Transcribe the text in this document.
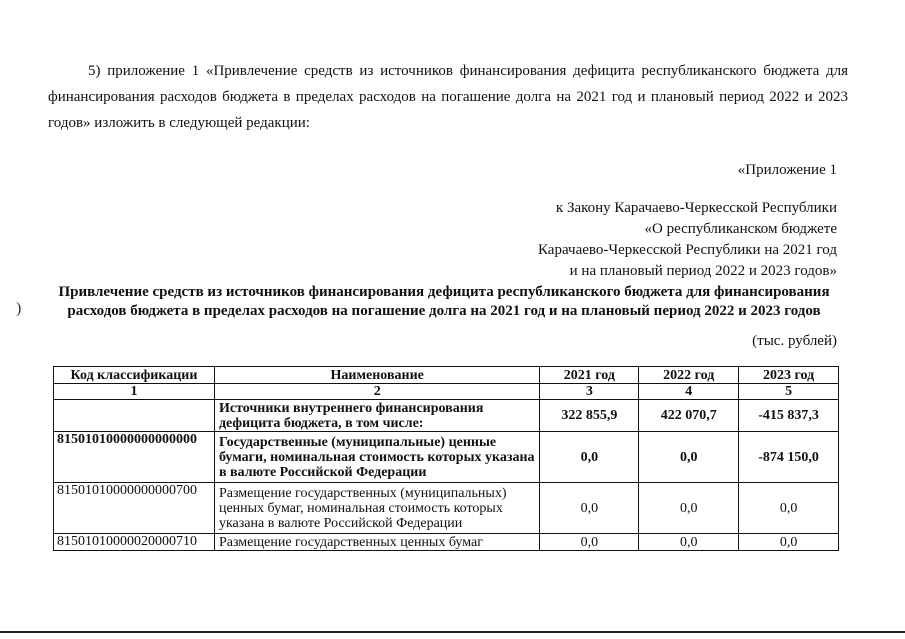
5) приложение 1 «Привлечение средств из источников финансирования дефицита республиканского бюджета для финансирования расходов бюджета в пределах расходов на погашение долга на 2021 год и плановый период 2022 и 2023 годов» изложить в следующей редакции:

«Приложение 1
к Закону Карачаево-Черкесской Республики
«О республиканском бюджете
Карачаево-Черкесской Республики на 2021 год
и на плановый период 2022 и 2023 годов»
)

Привлечение средств из источников финансирования дефицита республиканского бюджета для финансирования расходов бюджета в пределах расходов на погашение долга на 2021 год и на плановый период 2022 и 2023 годов

(тыс. рублей)
Код классификации	Наименование	2021 год	2022 год	2023 год
1	2	3	4	5
	Источники внутреннего финансирования дефицита бюджета, в том числе:	322 855,9	422 070,7	-415 837,3
81501010000000000000	Государственные (муниципальные) ценные бумаги, номинальная стоимость которых указана в валюте Российской Федерации	0,0	0,0	-874 150,0
81501010000000000700	Размещение государственных (муниципальных) ценных бумаг, номинальная стоимость которых указана в валюте Российской Федерации	0,0	0,0	0,0
81501010000020000710	Размещение государственных ценных бумаг	0,0	0,0	0,0
